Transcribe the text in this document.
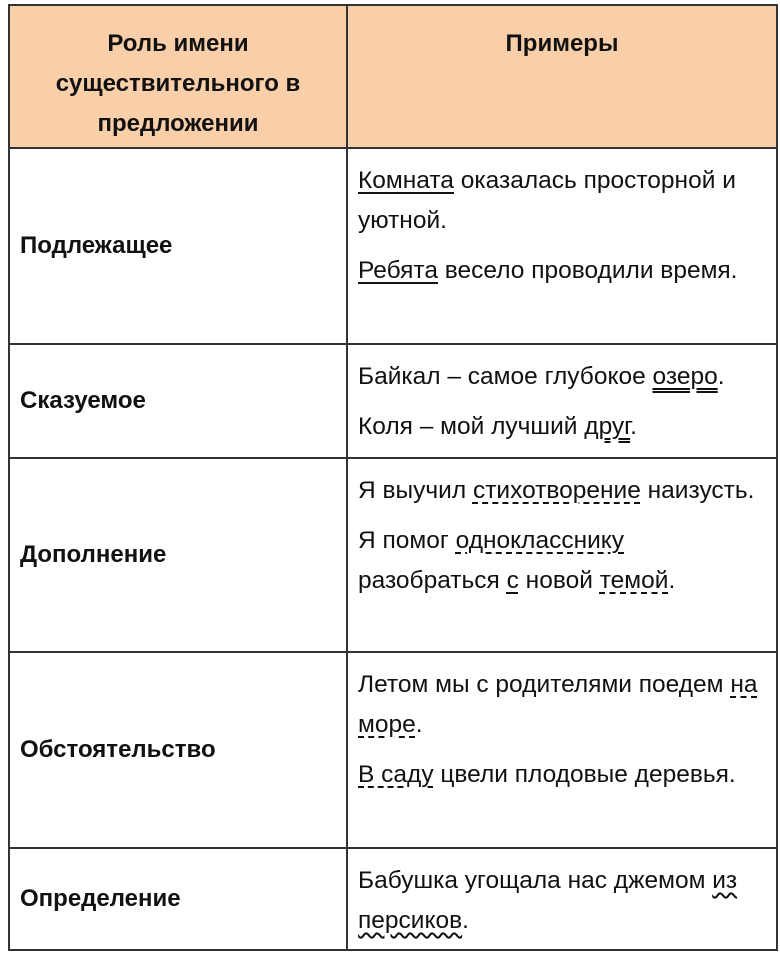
Роль имени
существительного в
предложении	Примеры

Подлежащее	Комната оказалась просторной и уютной.

Ребята весело проводили время.

Сказуемое	Байкал – самое глубокое озеро.

Коля – мой лучший друг.

Дополнение	Я выучил стихотворение наизусть.

Я помог однокласснику разобраться с новой темой.

Обстоятельство	Летом мы с родителями поедем на море.

В саду цвели плодовые деревья.

Определение	Бабушка угощала нас джемом из персиков.
